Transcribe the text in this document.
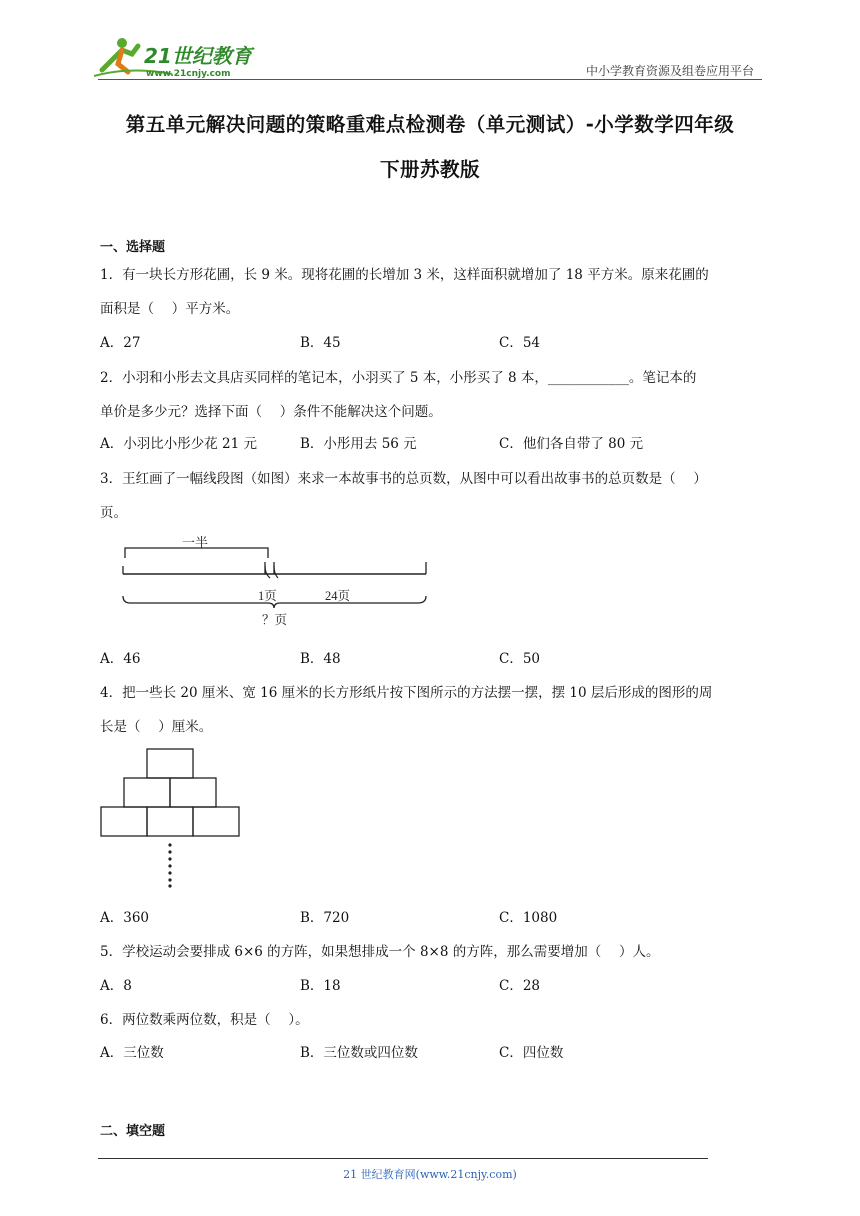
21世纪教育
www.21cnjy.com	中小学教育资源及组卷应用平台
第五单元解决问题的策略重难点检测卷（单元测试）-小学数学四年级
下册苏教版
一、选择题
1．有一块长方形花圃，长 9 米。现将花圃的长增加 3 米，这样面积就增加了 18 平方米。原来花圃的
面积是（　 ）平方米。
A．27	B．45	C．54
2．小羽和小彤去文具店买同样的笔记本，小羽买了 5 本，小彤买了 8 本，____________。笔记本的
单价是多少元？选择下面（　 ）条件不能解决这个问题。
A．小羽比小彤少花 21 元	B．小彤用去 56 元	C．他们各自带了 80 元
3．王红画了一幅线段图（如图）来求一本故事书的总页数，从图中可以看出故事书的总页数是（　 ）
页。
一半
1页	24页
？页
A．46	B．48	C．50
4．把一些长 20 厘米、宽 16 厘米的长方形纸片按下图所示的方法摆一摆，摆 10 层后形成的图形的周
长是（　 ）厘米。
A．360	B．720	C．1080
5．学校运动会要排成 6×6 的方阵，如果想排成一个 8×8 的方阵，那么需要增加（　 ）人。
A．8	B．18	C．28
6．两位数乘两位数，积是（　 ）。
A．三位数	B．三位数或四位数	C．四位数
二、填空题
21 世纪教育网(www.21cnjy.com)
